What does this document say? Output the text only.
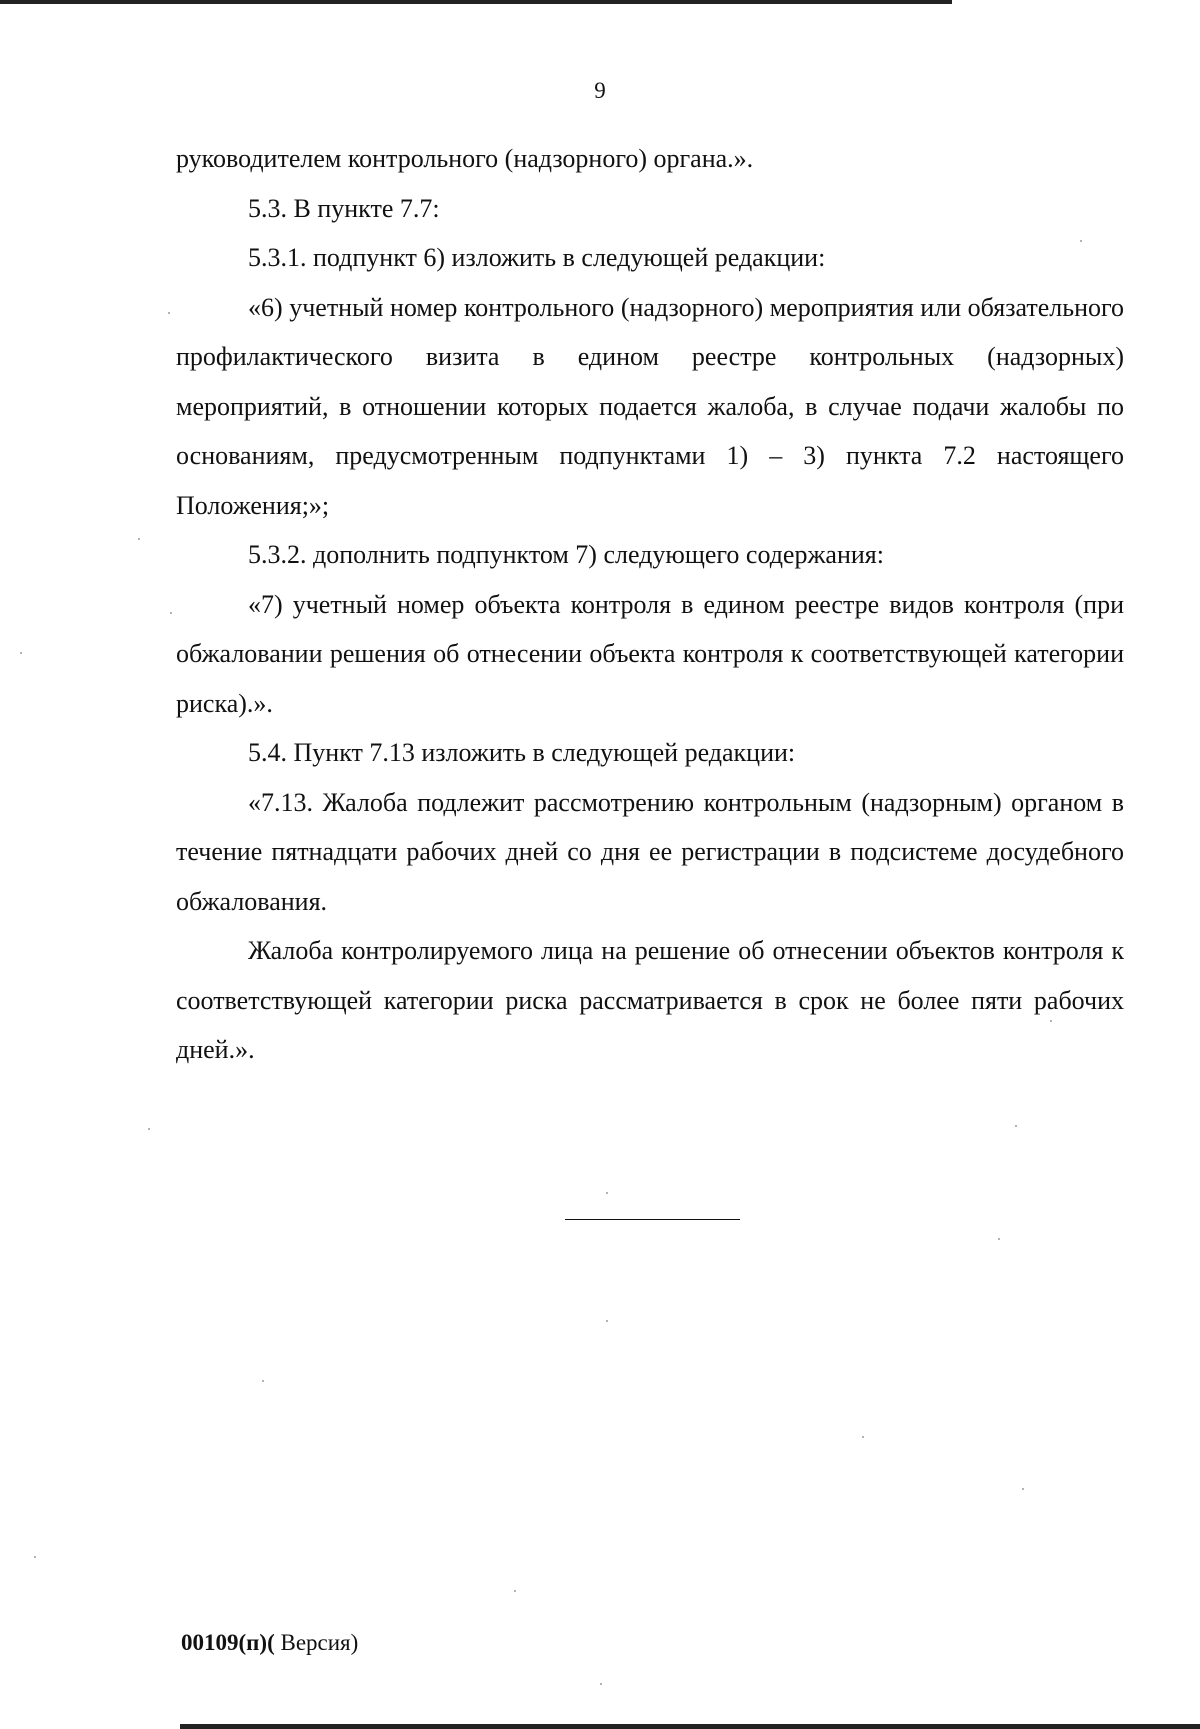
9

руководителем контрольного (надзорного) органа.».

5.3. В пункте 7.7:

5.3.1. подпункт 6) изложить в следующей редакции:

«6) учетный номер контрольного (надзорного) мероприятия или обязательного профилактического визита в едином реестре контрольных (надзорных) мероприятий, в отношении которых подается жалоба, в случае подачи жалобы по основаниям, предусмотренным подпунктами 1) – 3) пункта 7.2 настоящего Положения;»;

5.3.2. дополнить подпунктом 7) следующего содержания:

«7) учетный номер объекта контроля в едином реестре видов контроля (при обжаловании решения об отнесении объекта контроля к соответствующей категории риска).».

5.4. Пункт 7.13 изложить в следующей редакции:

«7.13. Жалоба подлежит рассмотрению контрольным (надзорным) органом в течение пятнадцати рабочих дней со дня ее регистрации в подсистеме досудебного обжалования.

Жалоба контролируемого лица на решение об отнесении объектов контроля к соответствующей категории риска рассматривается в срок не более пяти рабочих дней.».

00109(п)( Версия)
